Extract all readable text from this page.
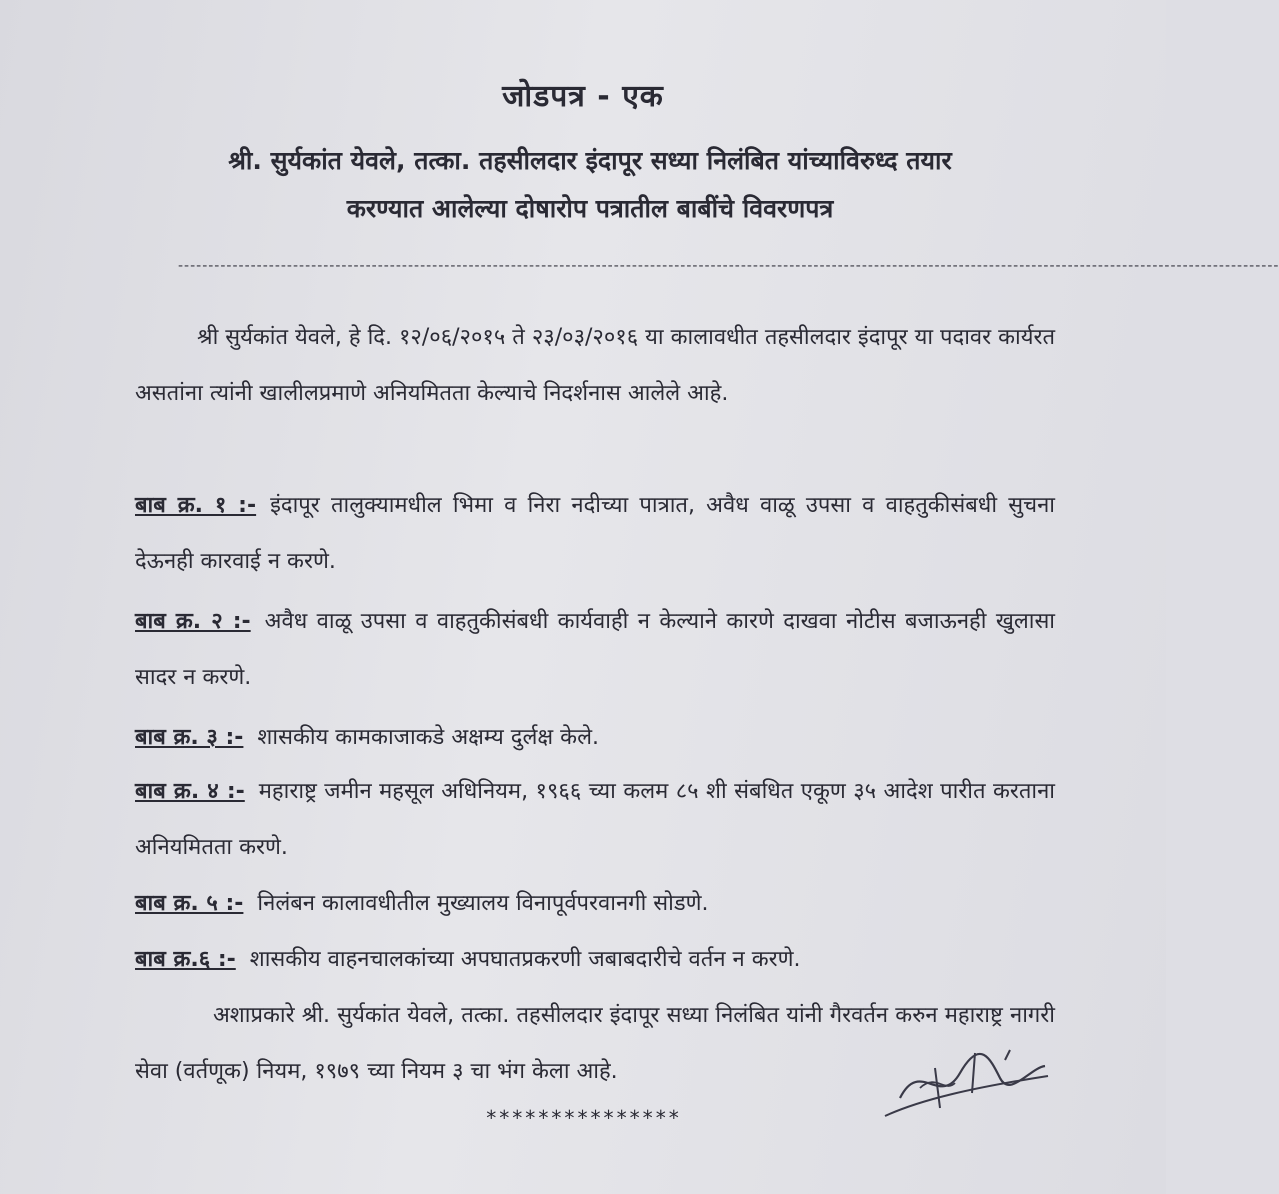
जोडपत्र - एक
श्री. सुर्यकांत येवले, तत्का. तहसीलदार इंदापूर सध्या निलंबित यांच्याविरुध्द तयार
करण्यात आलेल्या दोषारोप पत्रातील बाबींचे विवरणपत्र
--------------------------------------------------------------------------------------------------------------------------------------------------------------------------------------
श्री सुर्यकांत येवले, हे दि. १२/०६/२०१५ ते २३/०३/२०१६ या कालावधीत तहसीलदार इंदापूर या पदावर कार्यरत असतांना त्यांनी खालीलप्रमाणे अनियमितता केल्याचे निदर्शनास आलेले आहे.
बाब क्र. १ :- इंदापूर तालुक्यामधील भिमा व निरा नदीच्या पात्रात, अवैध वाळू उपसा व वाहतुकीसंबधी सुचना देऊनही कारवाई न करणे.
बाब क्र. २ :- अवैध वाळू उपसा व वाहतुकीसंबधी कार्यवाही न केल्याने कारणे दाखवा नोटीस बजाऊनही खुलासा सादर न करणे.
बाब क्र. ३ :- शासकीय कामकाजाकडे अक्षम्य दुर्लक्ष केले.
बाब क्र. ४ :- महाराष्ट्र जमीन महसूल अधिनियम, १९६६ च्या कलम ८५ शी संबधित एकूण ३५ आदेश पारीत करताना अनियमितता करणे.
बाब क्र. ५ :- निलंबन कालावधीतील मुख्यालय विनापूर्वपरवानगी सोडणे.
बाब क्र.६ :- शासकीय वाहनचालकांच्या अपघातप्रकरणी जबाबदारीचे वर्तन न करणे.
अशाप्रकारे श्री. सुर्यकांत येवले, तत्का. तहसीलदार इंदापूर सध्या निलंबित यांनी गैरवर्तन करुन महाराष्ट्र नागरी सेवा (वर्तणूक) नियम, १९७९ च्या नियम ३ चा भंग केला आहे.
***************
